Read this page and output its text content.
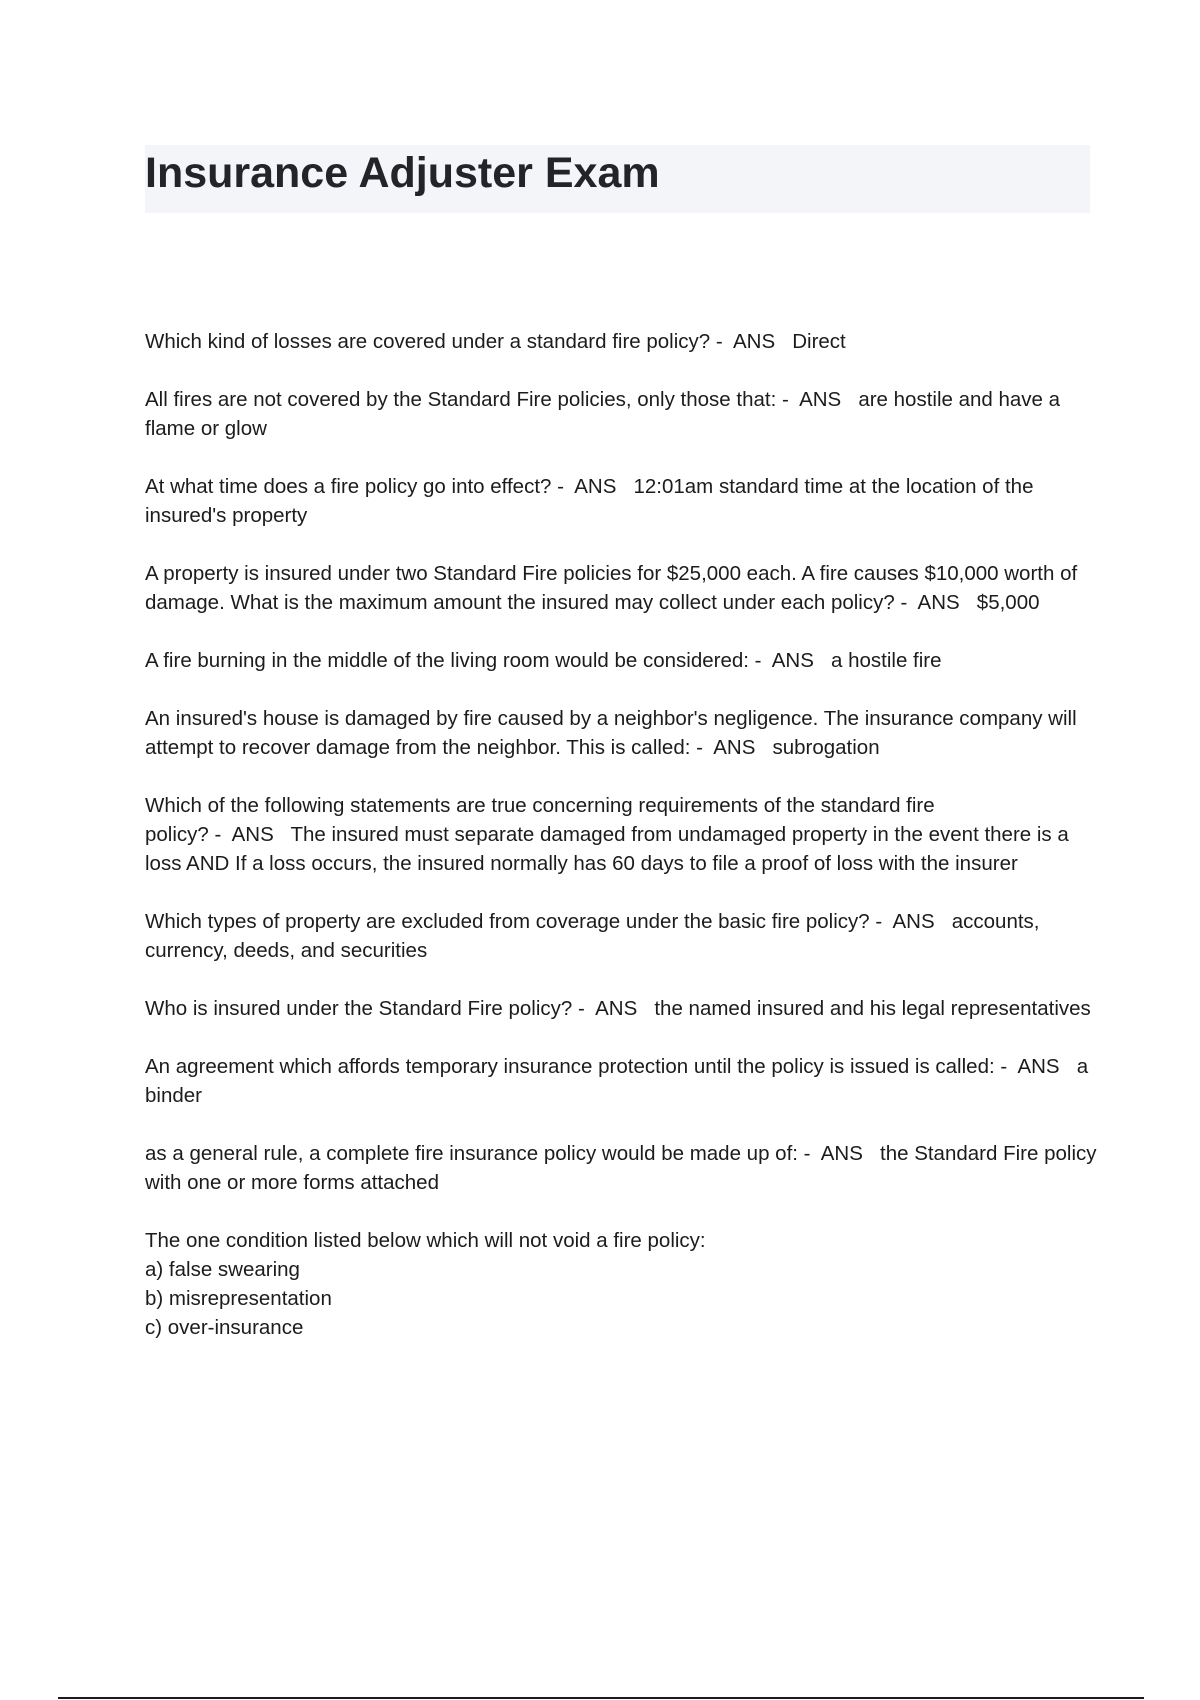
Insurance Adjuster Exam

Which kind of losses are covered under a standard fire policy? -  ANS   Direct

All fires are not covered by the Standard Fire policies, only those that: -  ANS   are hostile and have a flame or glow

At what time does a fire policy go into effect? -  ANS   12:01am standard time at the location of the insured's property

A property is insured under two Standard Fire policies for $25,000 each. A fire causes $10,000 worth of damage. What is the maximum amount the insured may collect under each policy? -  ANS   $5,000

A fire burning in the middle of the living room would be considered: -  ANS   a hostile fire

An insured's house is damaged by fire caused by a neighbor's negligence. The insurance company will attempt to recover damage from the neighbor. This is called: -  ANS   subrogation

Which of the following statements are true concerning requirements of the standard fire policy? -  ANS   The insured must separate damaged from undamaged property in the event there is a loss AND If a loss occurs, the insured normally has 60 days to file a proof of loss with the insurer

Which types of property are excluded from coverage under the basic fire policy? -  ANS   accounts, currency, deeds, and securities

Who is insured under the Standard Fire policy? -  ANS   the named insured and his legal representatives

An agreement which affords temporary insurance protection until the policy is issued is called: -  ANS   a binder

as a general rule, a complete fire insurance policy would be made up of: -  ANS   the Standard Fire policy with one or more forms attached

The one condition listed below which will not void a fire policy:
a) false swearing
b) misrepresentation
c) over-insurance
